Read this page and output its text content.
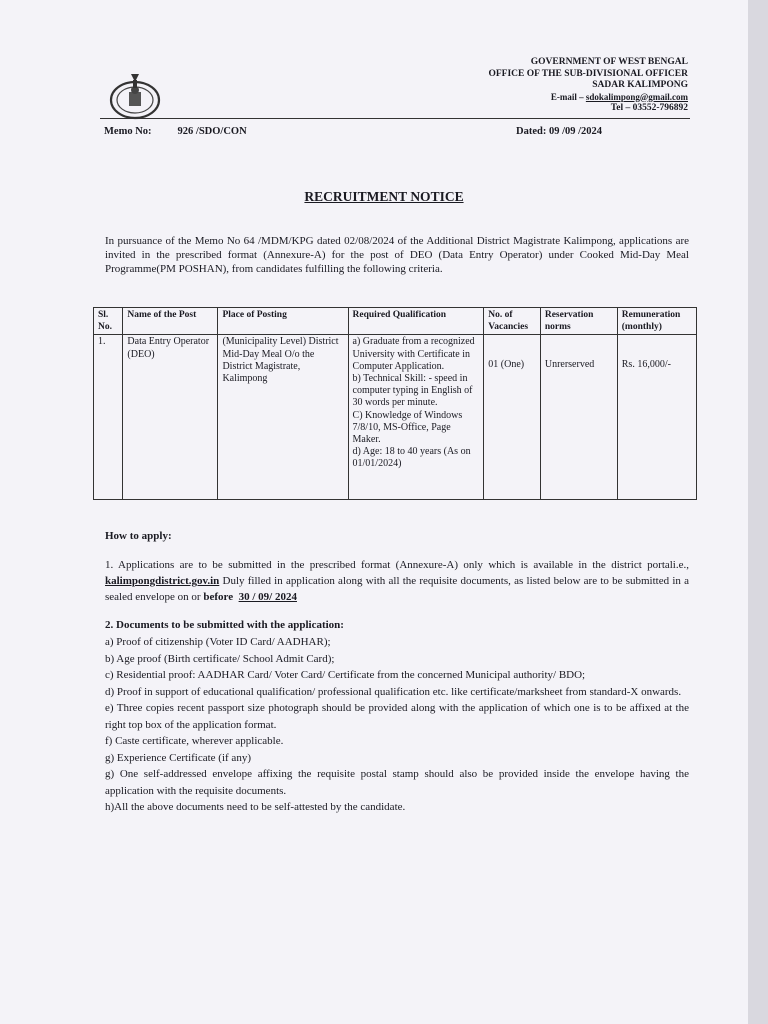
GOVERNMENT OF WEST BENGAL
OFFICE OF THE SUB-DIVISIONAL OFFICER
SADAR KALIMPONG
E-mail – sdokalimpong@gmail.com
Tel – 03552-796892
Memo No: 926 /SDO/CON	Dated: 09 /09 /2024
RECRUITMENT NOTICE
In pursuance of the Memo No 64 /MDM/KPG dated 02/08/2024 of the Additional District Magistrate Kalimpong, applications are invited in the prescribed format (Annexure-A) for the post of DEO (Data Entry Operator) under Cooked Mid-Day Meal Programme(PM POSHAN), from candidates fulfilling the following criteria.
Sl. No.	Name of the Post	Place of Posting	Required Qualification	No. of Vacancies	Reservation norms	Remuneration (monthly)
1.	Data Entry Operator (DEO)	(Municipality Level) District Mid-Day Meal O/o the District Magistrate, Kalimpong	a) Graduate from a recognized University with Certificate in Computer Application.
b) Technical Skill: - speed in computer typing in English of 30 words per minute.
C) Knowledge of Windows 7/8/10, MS-Office, Page Maker.
d) Age: 18 to 40 years (As on 01/01/2024)	01 (One)	Unrerserved	Rs. 16,000/-
How to apply:
1. Applications are to be submitted in the prescribed format (Annexure-A) only which is available in the district portali.e., kalimpongdistrict.gov.in Duly filled in application along with all the requisite documents, as listed below are to be submitted in a sealed envelope on or before 30 / 09/ 2024
2. Documents to be submitted with the application:
a) Proof of citizenship (Voter ID Card/ AADHAR);
b) Age proof (Birth certificate/ School Admit Card);
c) Residential proof: AADHAR Card/ Voter Card/ Certificate from the concerned Municipal authority/ BDO;
d) Proof in support of educational qualification/ professional qualification etc. like certificate/marksheet from standard-X onwards.
e) Three copies recent passport size photograph should be provided along with the application of which one is to be affixed at the right top box of the application format.
f) Caste certificate, wherever applicable.
g) Experience Certificate (if any)
g) One self-addressed envelope affixing the requisite postal stamp should also be provided inside the envelope having the application with the requisite documents.
h)All the above documents need to be self-attested by the candidate.
